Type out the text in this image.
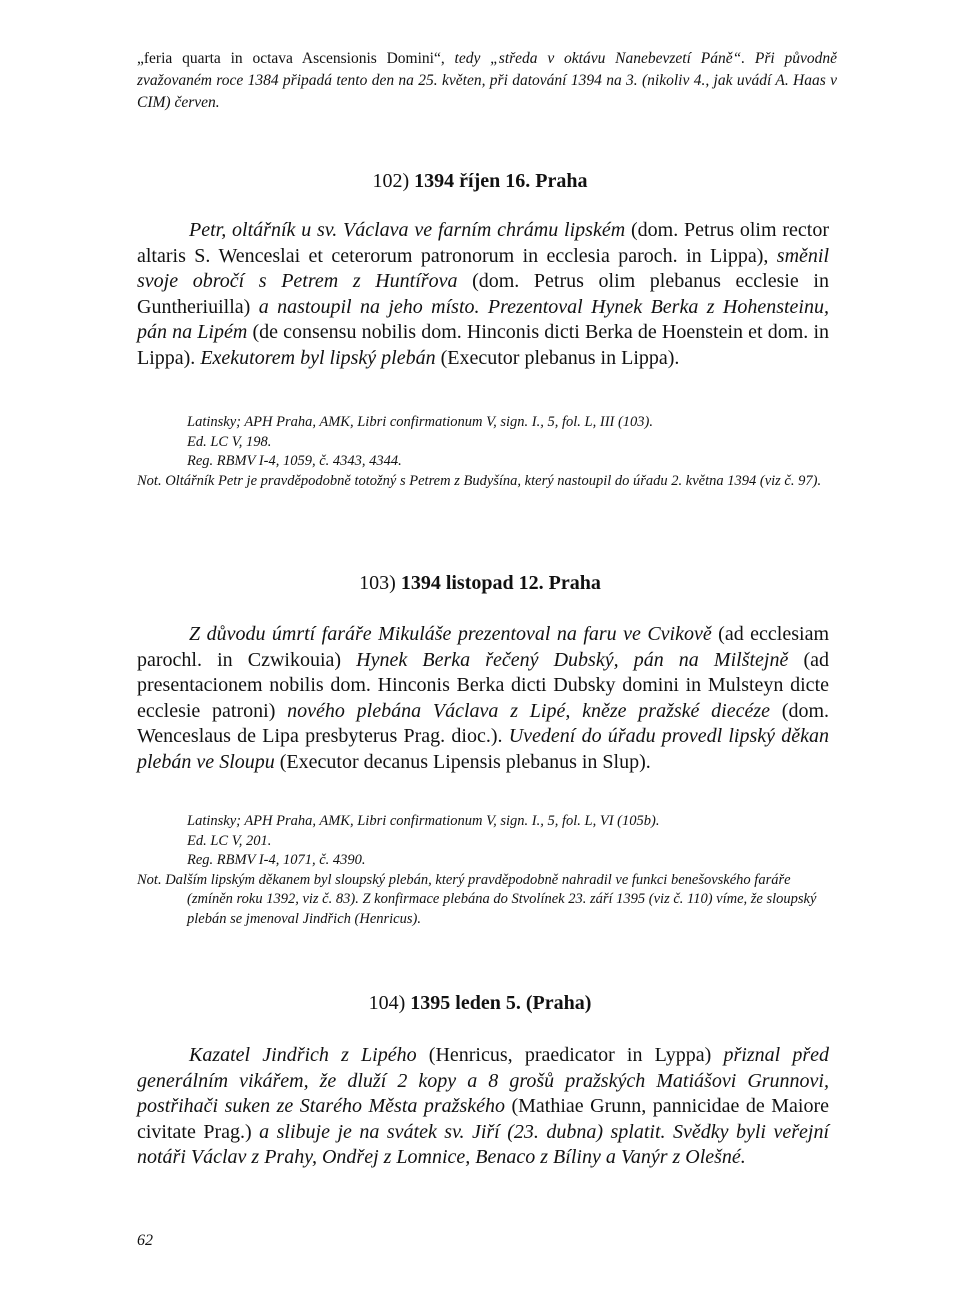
„feria quarta in octava Ascensionis Domini“, tedy „středa v oktávu Nanebevzetí Páně“. Při původně zvažovaném roce 1384 připadá tento den na 25. květen, při datování 1394 na 3. (nikoliv 4., jak uvádí A. Haas v CIM) červen.

102) 1394 říjen 16. Praha

Petr, oltářník u sv. Václava ve farním chrámu lipském (dom. Petrus olim rector altaris S. Wenceslai et ceterorum patronorum in ecclesia paroch. in Lippa), směnil svoje obročí s Petrem z Huntířova (dom. Petrus olim plebanus ecclesie in Guntheriuilla) a nastoupil na jeho místo. Prezentoval Hynek Berka z Hohensteinu, pán na Lipém (de consensu nobilis dom. Hinconis dicti Berka de Hoenstein et dom. in Lippa). Exekutorem byl lipský plebán (Executor plebanus in Lippa).

Latinsky; APH Praha, AMK, Libri confirmationum V, sign. I., 5, fol. L, III (103).
Ed. LC V, 198.
Reg. RBMV I-4, 1059, č. 4343, 4344.
Not. Oltářník Petr je pravděpodobně totožný s Petrem z Budyšína, který nastoupil do úřadu 2. května 1394 (viz č. 97).
103) 1394 listopad 12. Praha

Z důvodu úmrtí faráře Mikuláše prezentoval na faru ve Cvikově (ad ecclesiam parochl. in Czwikouia) Hynek Berka řečený Dubský, pán na Milštejně (ad presentacionem nobilis dom. Hinconis Berka dicti Dubsky domini in Mulsteyn dicte ecclesie patroni) nového plebána Václava z Lipé, kněze pražské diecéze (dom. Wenceslaus de Lipa presbyterus Prag. dioc.). Uvedení do úřadu provedl lipský děkan plebán ve Sloupu (Executor decanus Lipensis plebanus in Slup).

Latinsky; APH Praha, AMK, Libri confirmationum V, sign. I., 5, fol. L, VI (105b).
Ed. LC V, 201.
Reg. RBMV I-4, 1071, č. 4390.
Not. Dalším lipským děkanem byl sloupský plebán, který pravděpodobně nahradil ve funkci benešovského faráře (zmíněn roku 1392, viz č. 83). Z konfirmace plebána do Stvolínek 23. září 1395 (viz č. 110) víme, že sloupský plebán se jmenoval Jindřich (Henricus).
104) 1395 leden 5. (Praha)

Kazatel Jindřich z Lipého (Henricus, praedicator in Lyppa) přiznal před generálním vikářem, že dluží 2 kopy a 8 grošů pražských Matiášovi Grunnovi, postřihači suken ze Starého Města pražského (Mathiae Grunn, pannicidae de Maiore civitate Prag.) a slibuje je na svátek sv. Jiří (23. dubna) splatit. Svědky byli veřejní notáři Václav z Prahy, Ondřej z Lomnice, Benaco z Bíliny a Vanýr z Olešné.

62
